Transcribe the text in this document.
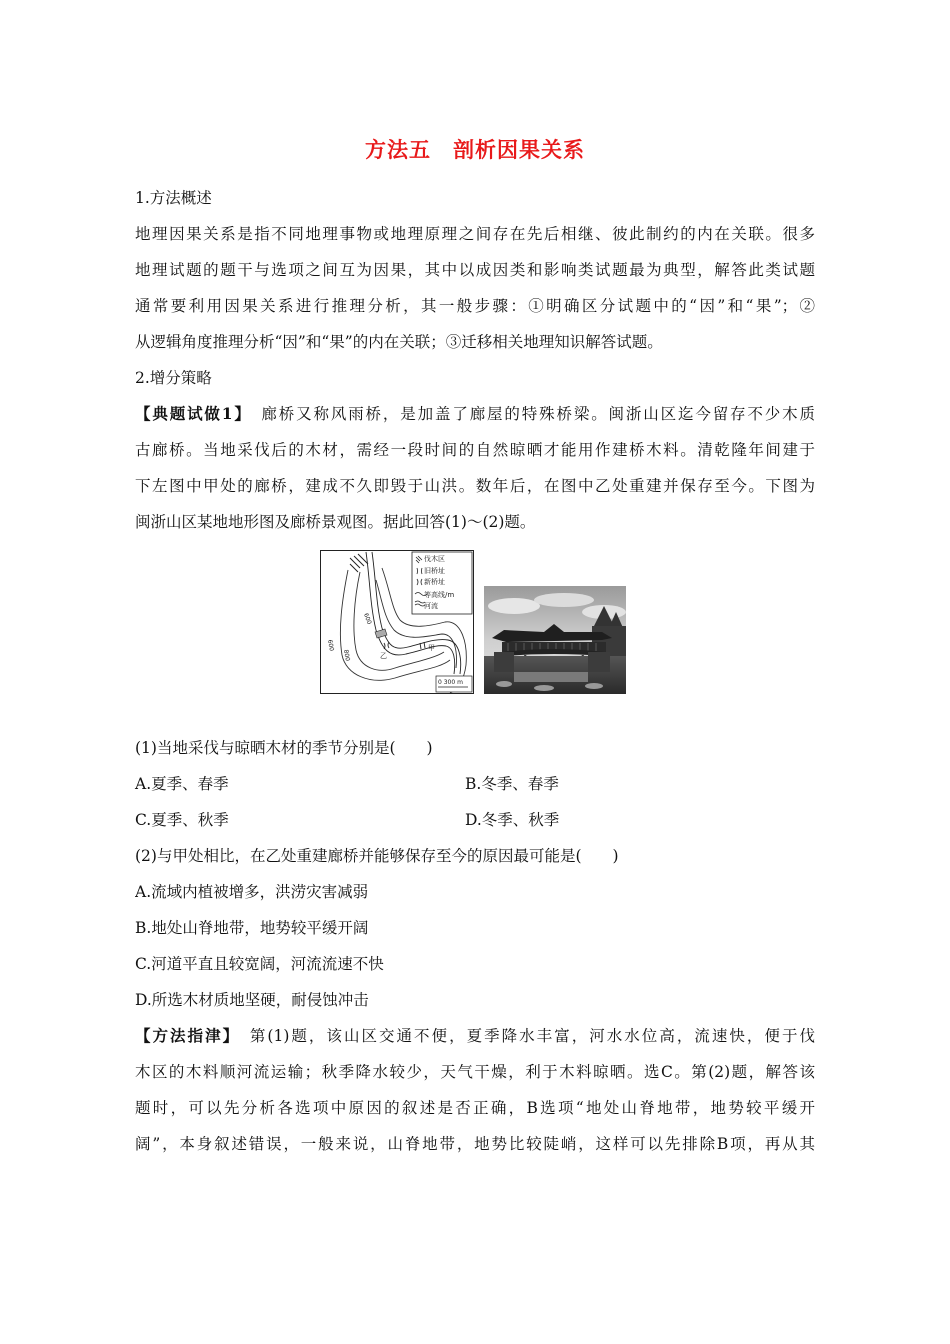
方法五　剖析因果关系
1.方法概述
地理因果关系是指不同地理事物或地理原理之间存在先后相继、彼此制约的内在关联。很多
地理试题的题干与选项之间互为因果，其中以成因类和影响类试题最为典型，解答此类试题
通常要利用因果关系进行推理分析，其一般步骤：①明确区分试题中的“因”和“果”；②
从逻辑角度推理分析“因”和“果”的内在关联；③迁移相关地理知识解答试题。
2.增分策略
【典题试做1】　廊桥又称风雨桥，是加盖了廊屋的特殊桥梁。闽浙山区迄今留存不少木质
古廊桥。当地采伐后的木材，需经一段时间的自然晾晒才能用作建桥木料。清乾隆年间建于
下左图中甲处的廊桥，建成不久即毁于山洪。数年后，在图中乙处重建并保存至今。下图为
闽浙山区某地地形图及廊桥景观图。据此回答(1)～(2)题。
伐木区
旧桥址
新桥址
等高线/m
河流
甲
乙
600
800
600
0 300 m
(1)当地采伐与晾晒木材的季节分别是(　　)
A.夏季、春季	B.冬季、春季
C.夏季、秋季	D.冬季、秋季
(2)与甲处相比，在乙处重建廊桥并能够保存至今的原因最可能是(　　)
A.流域内植被增多，洪涝灾害减弱
B.地处山脊地带，地势较平缓开阔
C.河道平直且较宽阔，河流流速不快
D.所选木材质地坚硬，耐侵蚀冲击
【方法指津】　第(1)题，该山区交通不便，夏季降水丰富，河水水位高，流速快，便于伐
木区的木料顺河流运输；秋季降水较少，天气干燥，利于木料晾晒。选C。第(2)题，解答该
题时，可以先分析各选项中原因的叙述是否正确，B选项“地处山脊地带，地势较平缓开
阔”，本身叙述错误，一般来说，山脊地带，地势比较陡峭，这样可以先排除B项，再从其
